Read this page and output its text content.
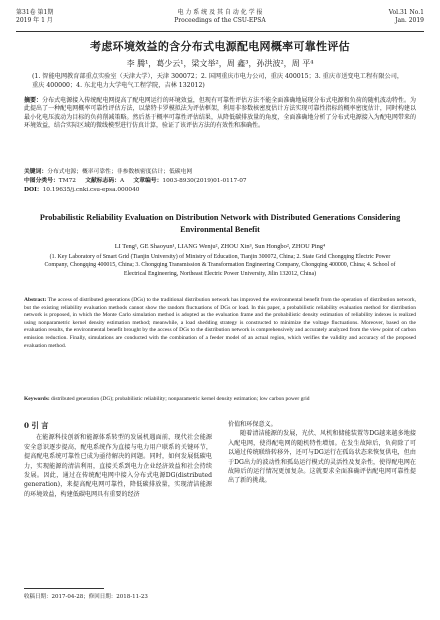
第31卷 第1期
2019 年 1 月
电 力 系 统 及 其 自 动 化 学 报
Proceedings of the CSU-EPSA
Vol.31 No.1
Jan. 2019
考虑环境效益的含分布式电源配电网概率可靠性评估
李 腾¹，葛少云¹，梁文举²，周 鑫³，孙洪波²，周 平⁴
(1. 智能电网教育部重点实验室（天津大学），天津 300072；2. 国网重庆市电力公司，重庆 400015；3. 重庆市送变电工程有限公司，重庆 400000；4. 东北电力大学电气工程学院，吉林 132012)
摘要：分布式电源接入传统配电网提高了配电网运行的环境效益，但现有可靠性评估方法不能全面准确地展现分布式电源和负荷的随机波动特性。为此提出了一种配电网概率可靠性评估方法，以蒙特卡罗模拟法为评估框架，利用非参数核密度估计方法实现可靠性指标的概率密度估计，同时构建以最小化电压波动为目标的负荷削减策略。然后基于概率可靠性评估结果，从降低碳排放量的角度，全面准确地分析了分布式电源接入为配电网带来的环境效益，结合实际区域的微线模型进行仿真计算，验证了该评估方法的有效性和准确性。
关键词：分布式电源；概率可靠性；非参数核密度估计；低碳电网
中图分类号：TM72 文献标志码：A 文章编号：1003-8930(2019)01-0117-07
DOI：10.19635/j.cnki.csu-epsa.000040
Probabilistic Reliability Evaluation on Distribution Network with Distributed Generations Considering Environmental Benefit
LI Teng¹, GE Shaoyun¹, LIANG Wenju², ZHOU Xin³, Sun Hongbo², ZHOU Ping⁴
(1. Key Laboratory of Smart Grid (Tianjin University) of Ministry of Education, Tianjin 300072, China; 2. State Grid Chongqing Electric Power Company, Chongqing 400015, China; 3. Chongqing Transmission & Transformation Engineering Company, Chongqing 400000, China; 4. School of Electrical Engineering, Northeast Electric Power University, Jilin 132012, China)
Abstract: The access of distributed generations (DGs) to the traditional distribution network has improved the environmental benefit from the operation of distribution network, but the existing reliability evaluation methods cannot show the random fluctuations of DGs or load. In this paper, a probabilistic reliability evaluation method for distribution network is proposed, in which the Monte Carlo simulation method is adopted as the evaluation frame and the probabilistic density estimation of reliability indexes is realized using nonparametric kernel density estimation method; meanwhile, a load shedding strategy is constructed to minimize the voltage fluctuations. Moreover, based on the evaluation results, the environmental benefit brought by the access of DGs to the distribution network is comprehensively and accurately analyzed from the view point of carbon emission reduction. Finally, simulations are conducted with the combination of a feeder model of an actual region, which verifies the validity and accuracy of the proposed evaluation method.
Keywords: distributed generation (DG); probabilistic reliability; nonparametric kernel density estimation; low carbon power grid

0 引 言

在能源科技创新和能源体系转型的发展机遇面前，现代社会能源安全意识逐步提高，配电系统作为直接与电力用户联系的关键环节，提高配电系统可靠性已成为亟待解决的问题。同时，如何发展低碳电力，实现能源的清洁利用，直接关系到电力企业经济效益和社会持续发展。因此，通过在传统配电网中接入分布式电源DG(distributed generation)，来提高配电网可靠性，降低碳排放量，实现清洁能源的环境效益，构建低碳电网具有重要的经济

价值和环保意义。

随着清洁能源的发展，光伏、风机和储能装置等DG越来越多地接入配电网，使得配电网的随机特性增加。在发生故障后，负荷除了可以通过传统联络转移外，还可与DG运行在孤岛状态来恢复供电，但由于DG出力的波动性和孤岛运行模式的灵活性及复杂性，使得配电网在故障后的运行情况更加复杂。这就要求全面准确评估配电网可靠性提出了新的挑战。

收稿日期：2017-04-28；修回日期：2018-11-23
